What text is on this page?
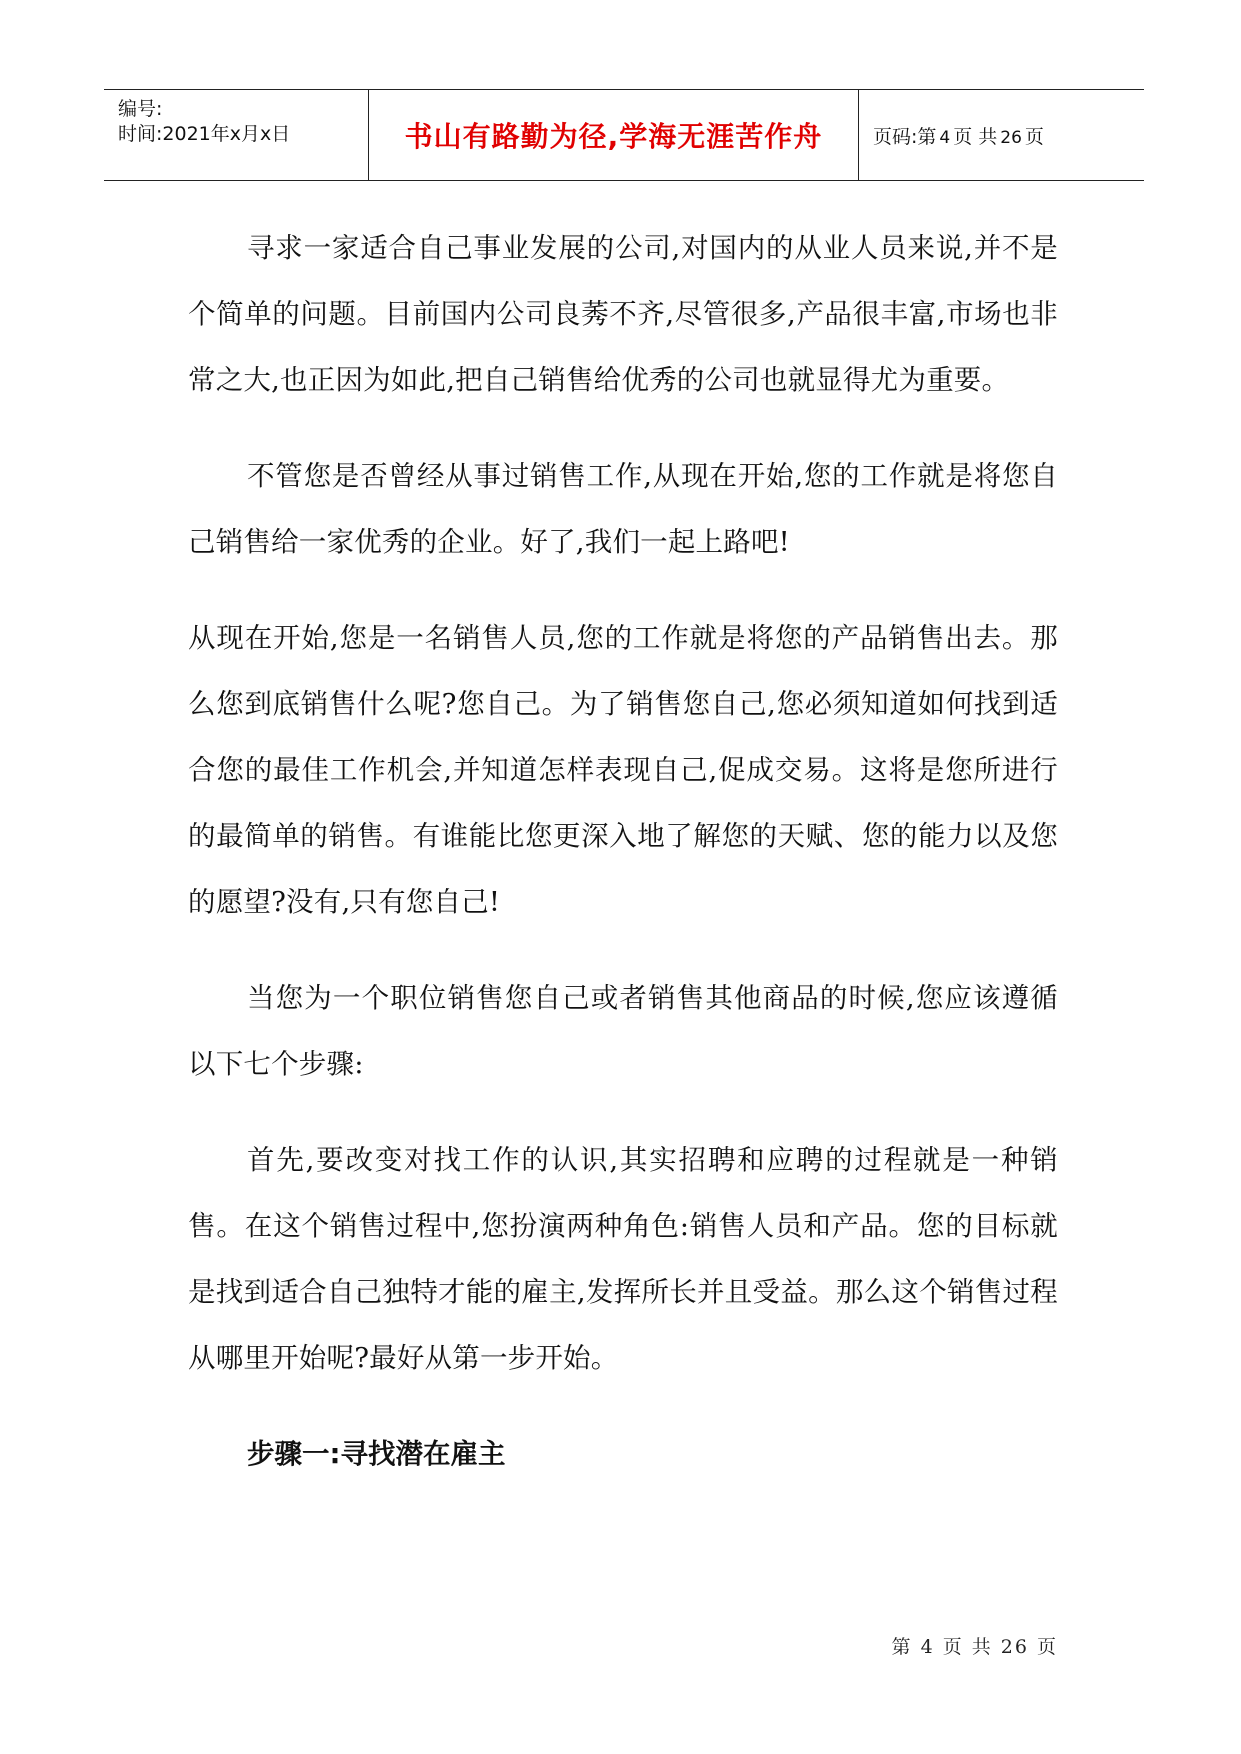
编号:
时间:2021年x月x日	书山有路勤为径,学海无涯苦作舟	页码:第 4 页 共 26 页

寻求一家适合自己事业发展的公司,对国内的从业人员来说,并不是个简单的问题。目前国内公司良莠不齐,尽管很多,产品很丰富,市场也非常之大,也正因为如此,把自己销售给优秀的公司也就显得尤为重要。

不管您是否曾经从事过销售工作,从现在开始,您的工作就是将您自己销售给一家优秀的企业。好了,我们一起上路吧!

从现在开始,您是一名销售人员,您的工作就是将您的产品销售出去。那么您到底销售什么呢?您自己。为了销售您自己,您必须知道如何找到适合您的最佳工作机会,并知道怎样表现自己,促成交易。这将是您所进行的最简单的销售。有谁能比您更深入地了解您的天赋、您的能力以及您的愿望?没有,只有您自己!

当您为一个职位销售您自己或者销售其他商品的时候,您应该遵循以下七个步骤:

首先,要改变对找工作的认识,其实招聘和应聘的过程就是一种销售。在这个销售过程中,您扮演两种角色:销售人员和产品。您的目标就是找到适合自己独特才能的雇主,发挥所长并且受益。那么这个销售过程从哪里开始呢?最好从第一步开始。

步骤一:寻找潜在雇主

第 4 页 共 26 页
